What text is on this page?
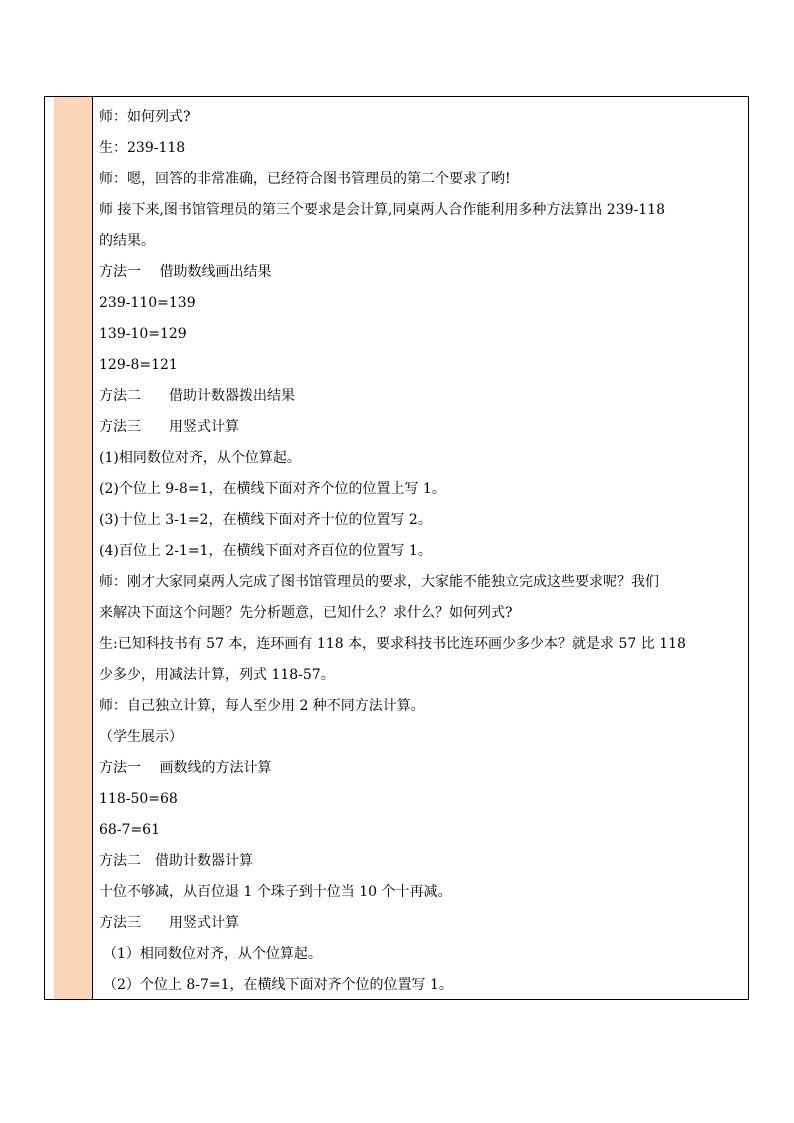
师：如何列式?
生：239-118
师：嗯，回答的非常准确，已经符合图书管理员的第二个要求了哟!
师 接下来,图书馆管理员的第三个要求是会计算,同桌两人合作能利用多种方法算出 239-118
的结果。
方法一　 借助数线画出结果
239-110=139
139-10=129
129-8=121
方法二　　借助计数器拨出结果
方法三　　用竖式计算
(1)相同数位对齐，从个位算起。
(2)个位上 9-8=1，在横线下面对齐个位的位置上写 1。
(3)十位上 3-1=2，在横线下面对齐十位的位置写 2。
(4)百位上 2-1=1，在横线下面对齐百位的位置写 1。
师：刚才大家同桌两人完成了图书馆管理员的要求，大家能不能独立完成这些要求呢？我们
来解决下面这个问题？先分析题意，已知什么？求什么？如何列式?
生:已知科技书有 57 本，连环画有 118 本，要求科技书比连环画少多少本？就是求 57 比 118
少多少，用减法计算，列式 118-57。
师：自己独立计算，每人至少用 2 种不同方法计算。
（学生展示）
方法一　 画数线的方法计算
118-50=68
68-7=61
方法二　借助计数器计算
十位不够减，从百位退 1 个珠子到十位当 10 个十再减。
方法三　　用竖式计算
（1）相同数位对齐，从个位算起。
（2）个位上 8-7=1，在横线下面对齐个位的位置写 1。
